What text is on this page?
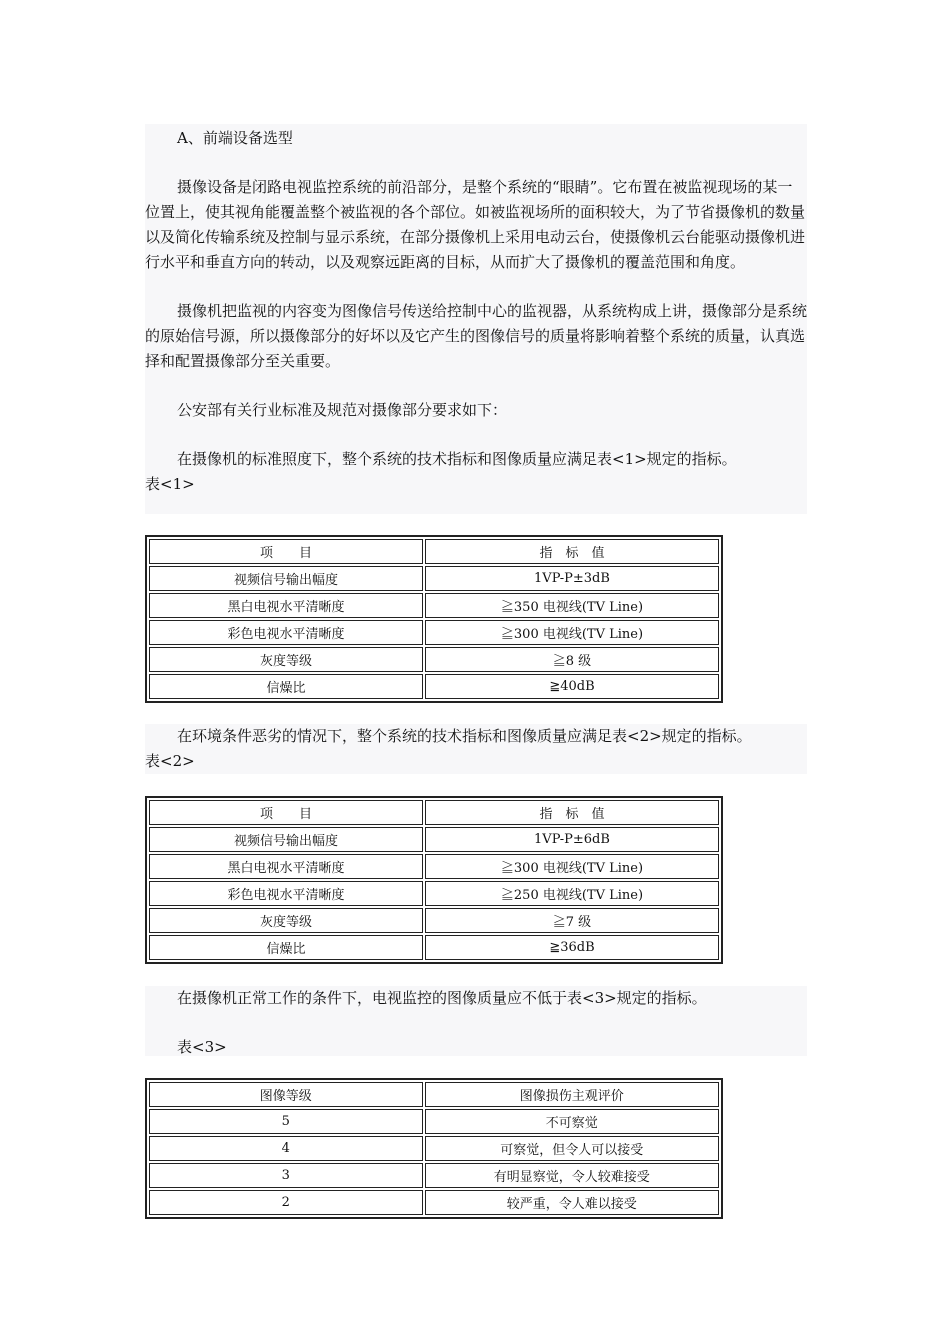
A、前端设备选型

摄像设备是闭路电视监控系统的前沿部分，是整个系统的“眼睛”。它布置在被监视现场的某一位置上，使其视角能覆盖整个被监视的各个部位。如被监视场所的面积较大，为了节省摄像机的数量以及简化传输系统及控制与显示系统，在部分摄像机上采用电动云台，使摄像机云台能驱动摄像机进行水平和垂直方向的转动，以及观察远距离的目标，从而扩大了摄像机的覆盖范围和角度。

摄像机把监视的内容变为图像信号传送给控制中心的监视器，从系统构成上讲，摄像部分是系统的原始信号源，所以摄像部分的好坏以及它产生的图像信号的质量将影响着整个系统的质量，认真选择和配置摄像部分至关重要。

公安部有关行业标准及规范对摄像部分要求如下：

在摄像机的标准照度下，整个系统的技术指标和图像质量应满足表<1>规定的指标。

表<1>

项　　目	指　标　值
视频信号输出幅度	1VP-P±3dB
黑白电视水平清晰度	≧350 电视线(TV Line)
彩色电视水平清晰度	≧300 电视线(TV Line)
灰度等级	≧8 级
信燥比	≧40dB

在环境条件恶劣的情况下，整个系统的技术指标和图像质量应满足表<2>规定的指标。

表<2>

项　　目	指　标　值
视频信号输出幅度	1VP-P±6dB
黑白电视水平清晰度	≧300 电视线(TV Line)
彩色电视水平清晰度	≧250 电视线(TV Line)
灰度等级	≧7 级
信燥比	≧36dB

在摄像机正常工作的条件下，电视监控的图像质量应不低于表<3>规定的指标。

表<3>

图像等级	图像损伤主观评价
5	不可察觉
4	可察觉，但令人可以接受
3	有明显察觉，令人较难接受
2	较严重，令人难以接受
